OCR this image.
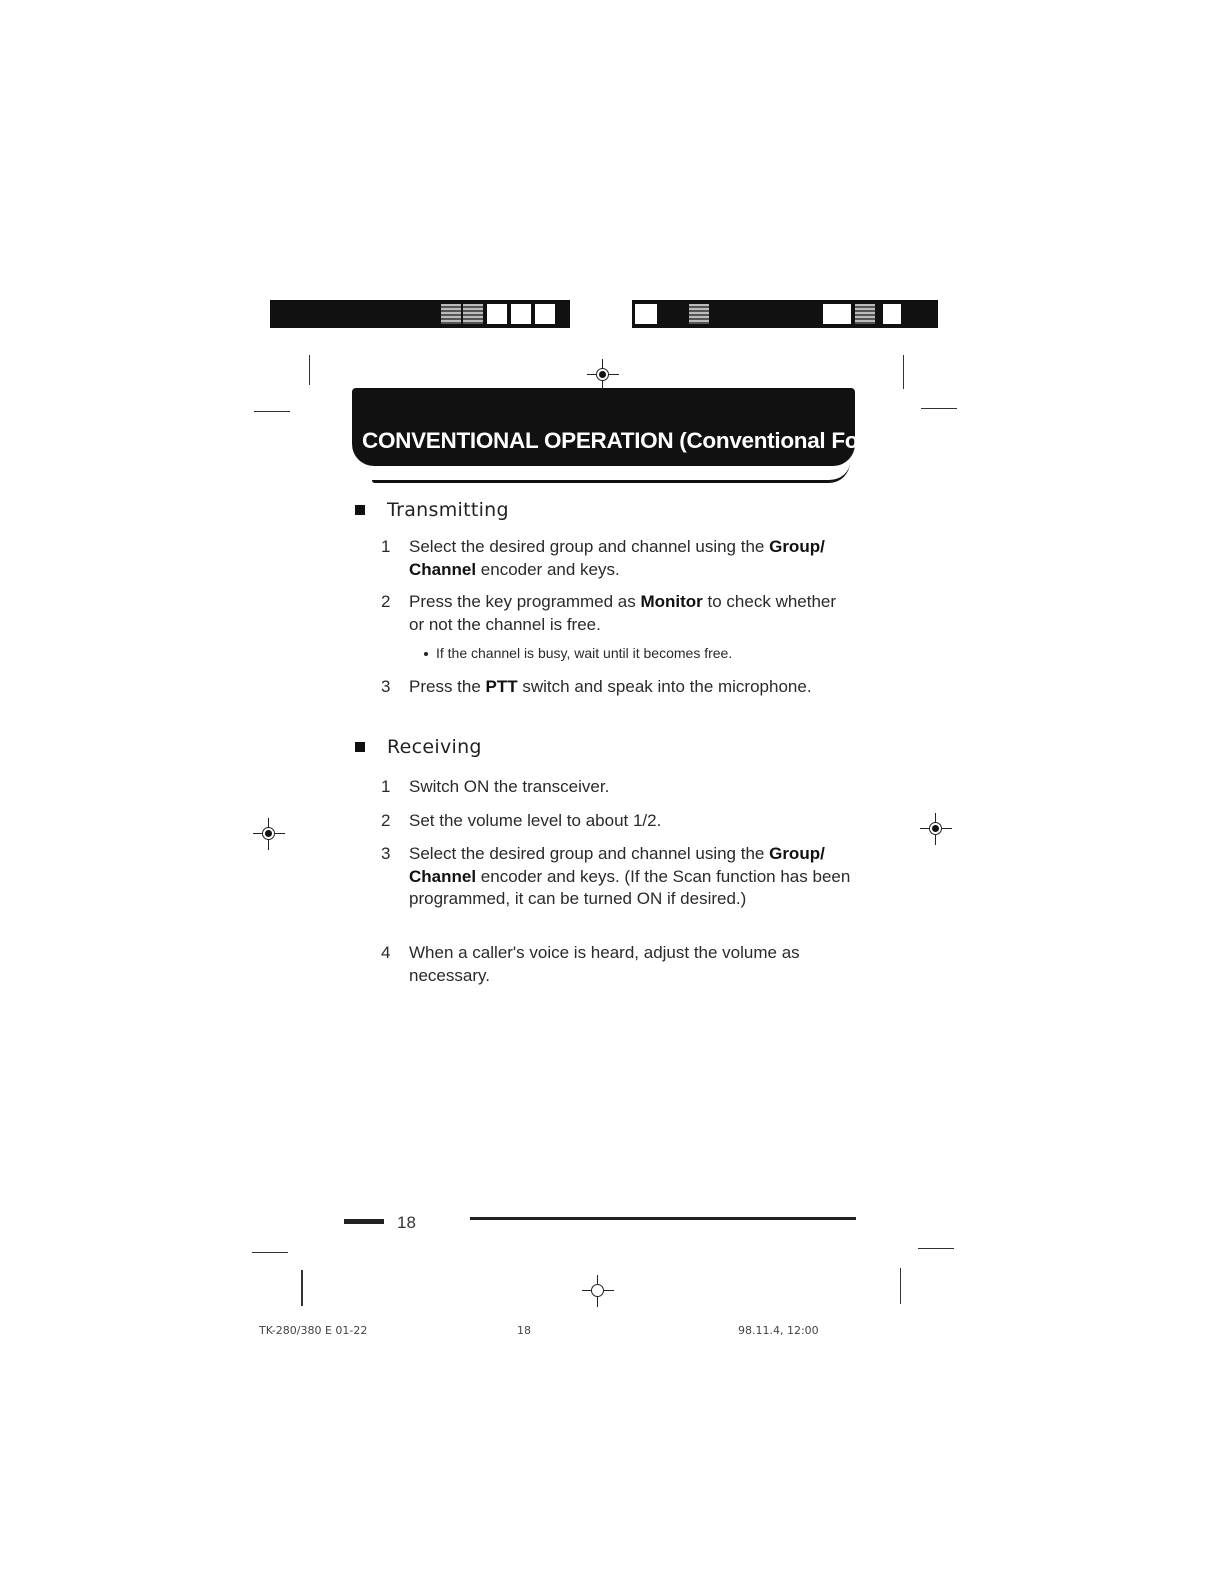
CONVENTIONAL OPERATION (Conventional Format)
Transmitting
1 Select the desired group and channel using the Group/ Channel encoder and keys.
2 Press the key programmed as Monitor to check whether or not the channel is free.
If the channel is busy, wait until it becomes free.
3 Press the PTT switch and speak into the microphone.
Receiving
1 Switch ON the transceiver.
2 Set the volume level to about 1/2.
3 Select the desired group and channel using the Group/ Channel encoder and keys. (If the Scan function has been programmed, it can be turned ON if desired.)
4 When a caller's voice is heard, adjust the volume as necessary.
18
TK-280/380 E 01-22	18	98.11.4, 12:00
